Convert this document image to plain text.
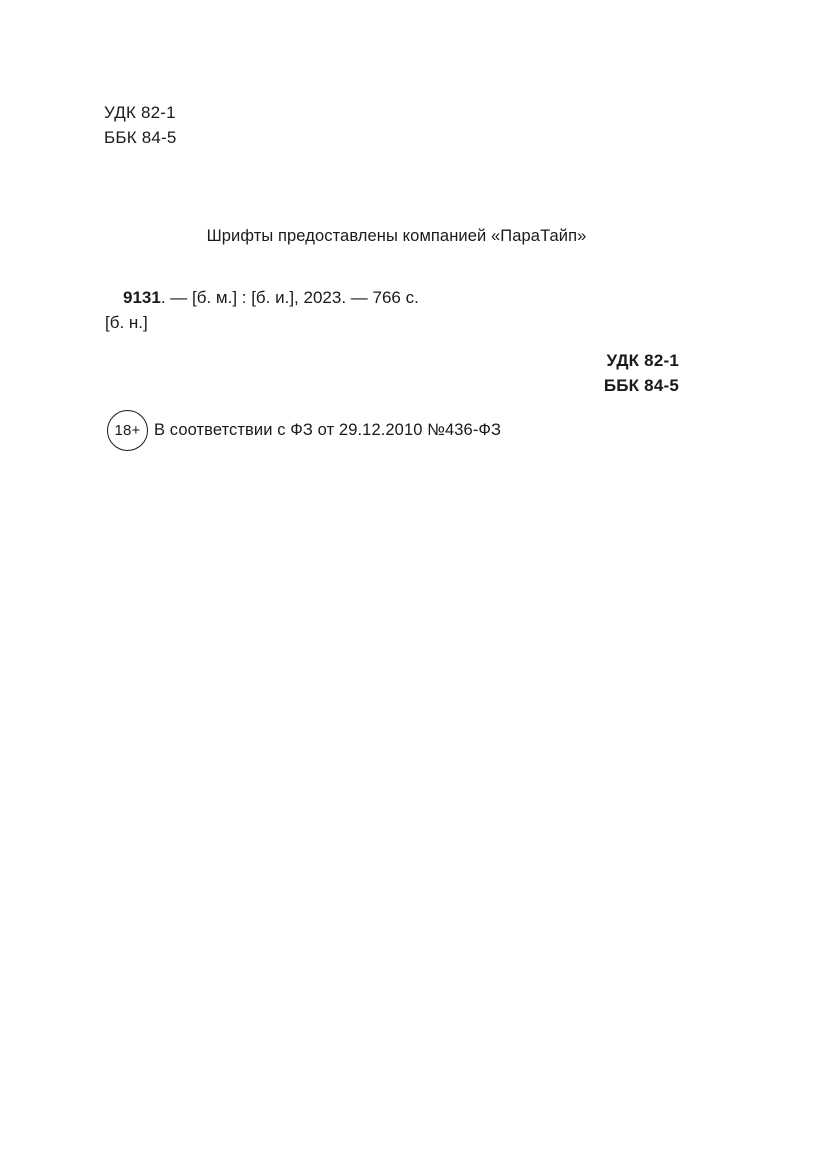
УДК 82-1
ББК 84-5
Шрифты предоставлены компанией «ПараТайп»
9131. — [б. м.] : [б. и.], 2023. — 766 с.
[б. н.]
УДК 82-1
ББК 84-5
18+ В соответствии с ФЗ от 29.12.2010 №436-ФЗ
